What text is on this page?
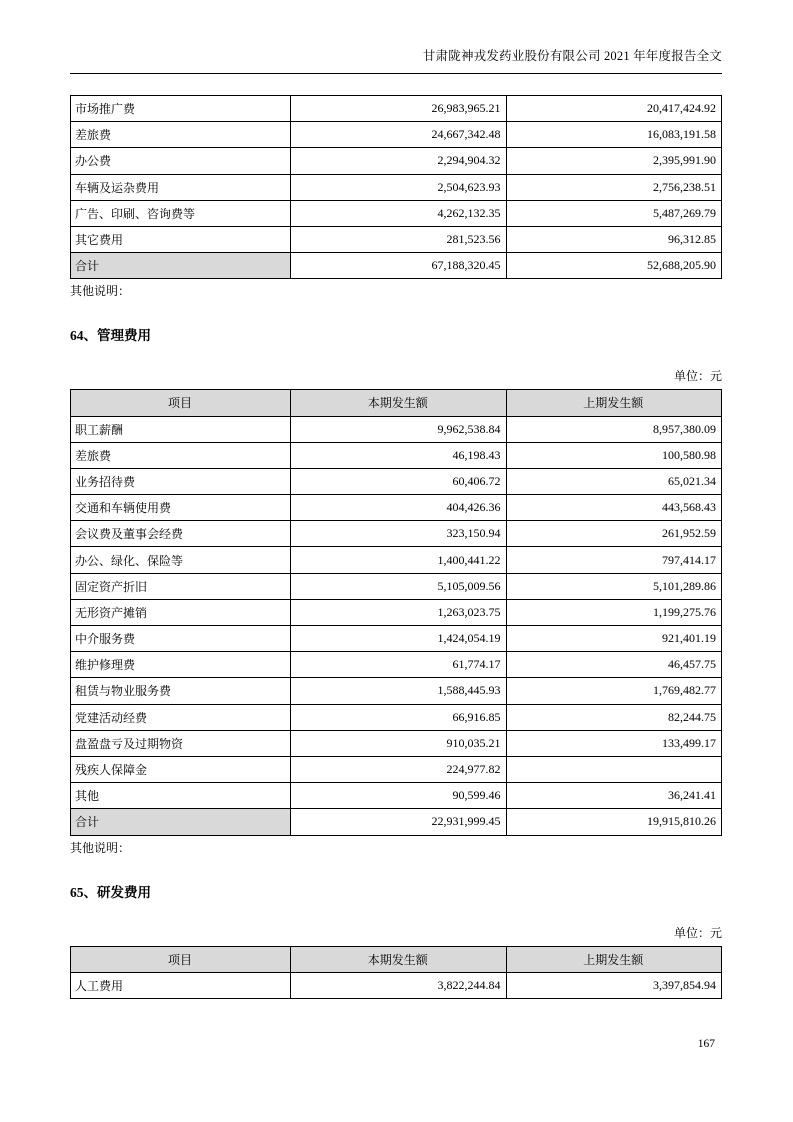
甘肃陇神戎发药业股份有限公司 2021 年年度报告全文
市场推广费	26,983,965.21	20,417,424.92
差旅费	24,667,342.48	16,083,191.58
办公费	2,294,904.32	2,395,991.90
车辆及运杂费用	2,504,623.93	2,756,238.51
广告、印刷、咨询费等	4,262,132.35	5,487,269.79
其它费用	281,523.56	96,312.85
合计	67,188,320.45	52,688,205.90
其他说明：
64、管理费用
单位：元
项目	本期发生额	上期发生额
职工薪酬	9,962,538.84	8,957,380.09
差旅费	46,198.43	100,580.98
业务招待费	60,406.72	65,021.34
交通和车辆使用费	404,426.36	443,568.43
会议费及董事会经费	323,150.94	261,952.59
办公、绿化、保险等	1,400,441.22	797,414.17
固定资产折旧	5,105,009.56	5,101,289.86
无形资产摊销	1,263,023.75	1,199,275.76
中介服务费	1,424,054.19	921,401.19
维护修理费	61,774.17	46,457.75
租赁与物业服务费	1,588,445.93	1,769,482.77
党建活动经费	66,916.85	82,244.75
盘盈盘亏及过期物资	910,035.21	133,499.17
残疾人保障金	224,977.82	
其他	90,599.46	36,241.41
合计	22,931,999.45	19,915,810.26
其他说明：
65、研发费用
单位：元
项目	本期发生额	上期发生额
人工费用	3,822,244.84	3,397,854.94
167
